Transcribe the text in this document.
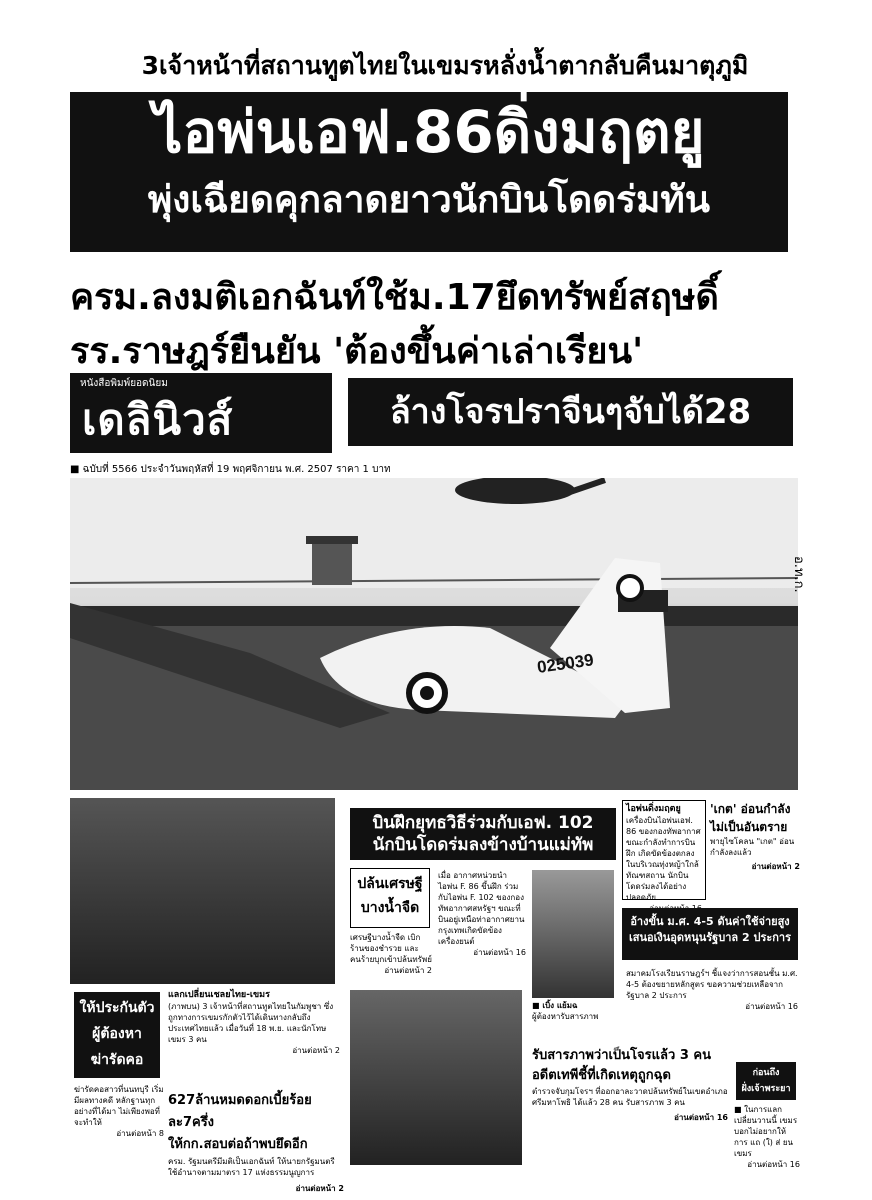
3เจ้าหน้าที่สถานทูตไทยในเขมรหลั่งน้ำตากลับคืนมาตุภูมิ
ไอพ่นเอฟ.86ดิ่งมฤตยู
พุ่งเฉียดคุกลาดยาวนักบินโดดร่มทัน
ครม.ลงมติเอกฉันท์ใช้ม.17ยึดทรัพย์สฤษดิ์
รร.ราษฎร์ยืนยัน 'ต้องขึ้นค่าเล่าเรียน'
หนังสือพิมพ์ยอดนิยม
เดลินิวส์	ล้างโจรปราจีนๆจับได้28
■ ฉบับที่ 5566 ประจำวันพฤหัสที่ 19 พฤศจิกายน พ.ศ. 2507 ราคา 1 บาท
025039
อ.ท.ก.
บินฝึกยุทธวิธีร่วมกับเอฟ. 102
นักบินโดดร่มลงข้างบ้านแม่ทัพ
ปล้นเศรษฐี
บางน้ำจืด
เศรษฐีบางน้ำจืด เบิกร้านของชำรวย และคนร้ายบุกเข้าปล้นทรัพย์
อ่านต่อหน้า 2
เมื่อ อากาศหน่วยนำไอพ่น F. 86 ขึ้นฝึก ร่วมกับไอพ่น F. 102 ของกองทัพอากาศสหรัฐฯ ขณะที่บินอยู่เหนือท่าอากาศยาน กรุงเทพเกิดขัดข้องเครื่องยนต์
อ่านต่อหน้า 16
■ เบิ้ง แย้มฉ
ผู้ต้องหารับสารภาพ
ไอพ่นดิ่งมฤตยู
เครื่องบินไอพ่นเอฟ. 86 ของกองทัพอากาศ ขณะกำลังทำการบินฝึก เกิดขัดข้องตกลงในบริเวณทุ่งหญ้าใกล้ทัณฑสถาน นักบินโดดร่มลงได้อย่างปลอดภัย
'เกต' อ่อนกำลัง
ไม่เป็นอันตราย
พายุไซโคลน "เกต" อ่อนกำลังลงแล้ว
อ่านต่อหน้า 2
อ้างขั้น ม.ศ. 4-5 ดันค่าใช้จ่ายสูง
เสนอเงินอุดหนุนรัฐบาล 2 ประการ
สมาคมโรงเรียนราษฎร์ฯ ชี้แจงว่าการสอนชั้น ม.ศ. 4-5 ต้องขยายหลักสูตร ขอความช่วยเหลือจากรัฐบาล 2 ประการ
อ่านต่อหน้า 16
แลกเปลี่ยนเชลยไทย-เขมร
(ภาพบน) 3 เจ้าหน้าที่สถานทูตไทยในกัมพูชา ซึ่งถูกทางการเขมรกักตัวไว้ได้เดินทางกลับถึงประเทศไทยแล้ว เมื่อวันที่ 18 พ.ย. และนักโทษเขมร 3 คน
อ่านต่อหน้า 2
ให้ประกันตัว
ผู้ต้องหา
ฆ่ารัดคอ
ฆ่ารัดคอสาวที่นนทบุรี เริ่มมีผลทางคดี หลักฐานทุกอย่างที่ได้มา ไม่เพียงพอที่จะทำให้
อ่านต่อหน้า 8
627ล้านหมดดอกเบี้ยร้อยละ7ครึ่ง
ให้กก.สอบต่อถ้าพบยึดอีก
ครม. รัฐมนตรีมีมติเป็นเอกฉันท์ ให้นายกรัฐมนตรีใช้อำนาจตามมาตรา 17 แห่งธรรมนูญการ
อ่านต่อหน้า 2
รับสารภาพว่าเป็นโจรแล้ว 3 คน
อดีตเทพีชี้ที่เกิดเหตุถูกฉุด
ตำรวจจับกุมโจรฯ ที่ออกอาละวาดปล้นทรัพย์ในเขตอำเภอศรีมหาโพธิ ได้แล้ว 28 คน รับสารภาพ 3 คน
อ่านต่อหน้า 16
ก่อนถึง
ฝั่งเจ้าพระยา
■ ในการแลกเปลี่ยนวานนี้ เขมรบอกไม่อยากให้ การ แถ (ใ) ส่ ยน เขมร
อ่านต่อหน้า 16
